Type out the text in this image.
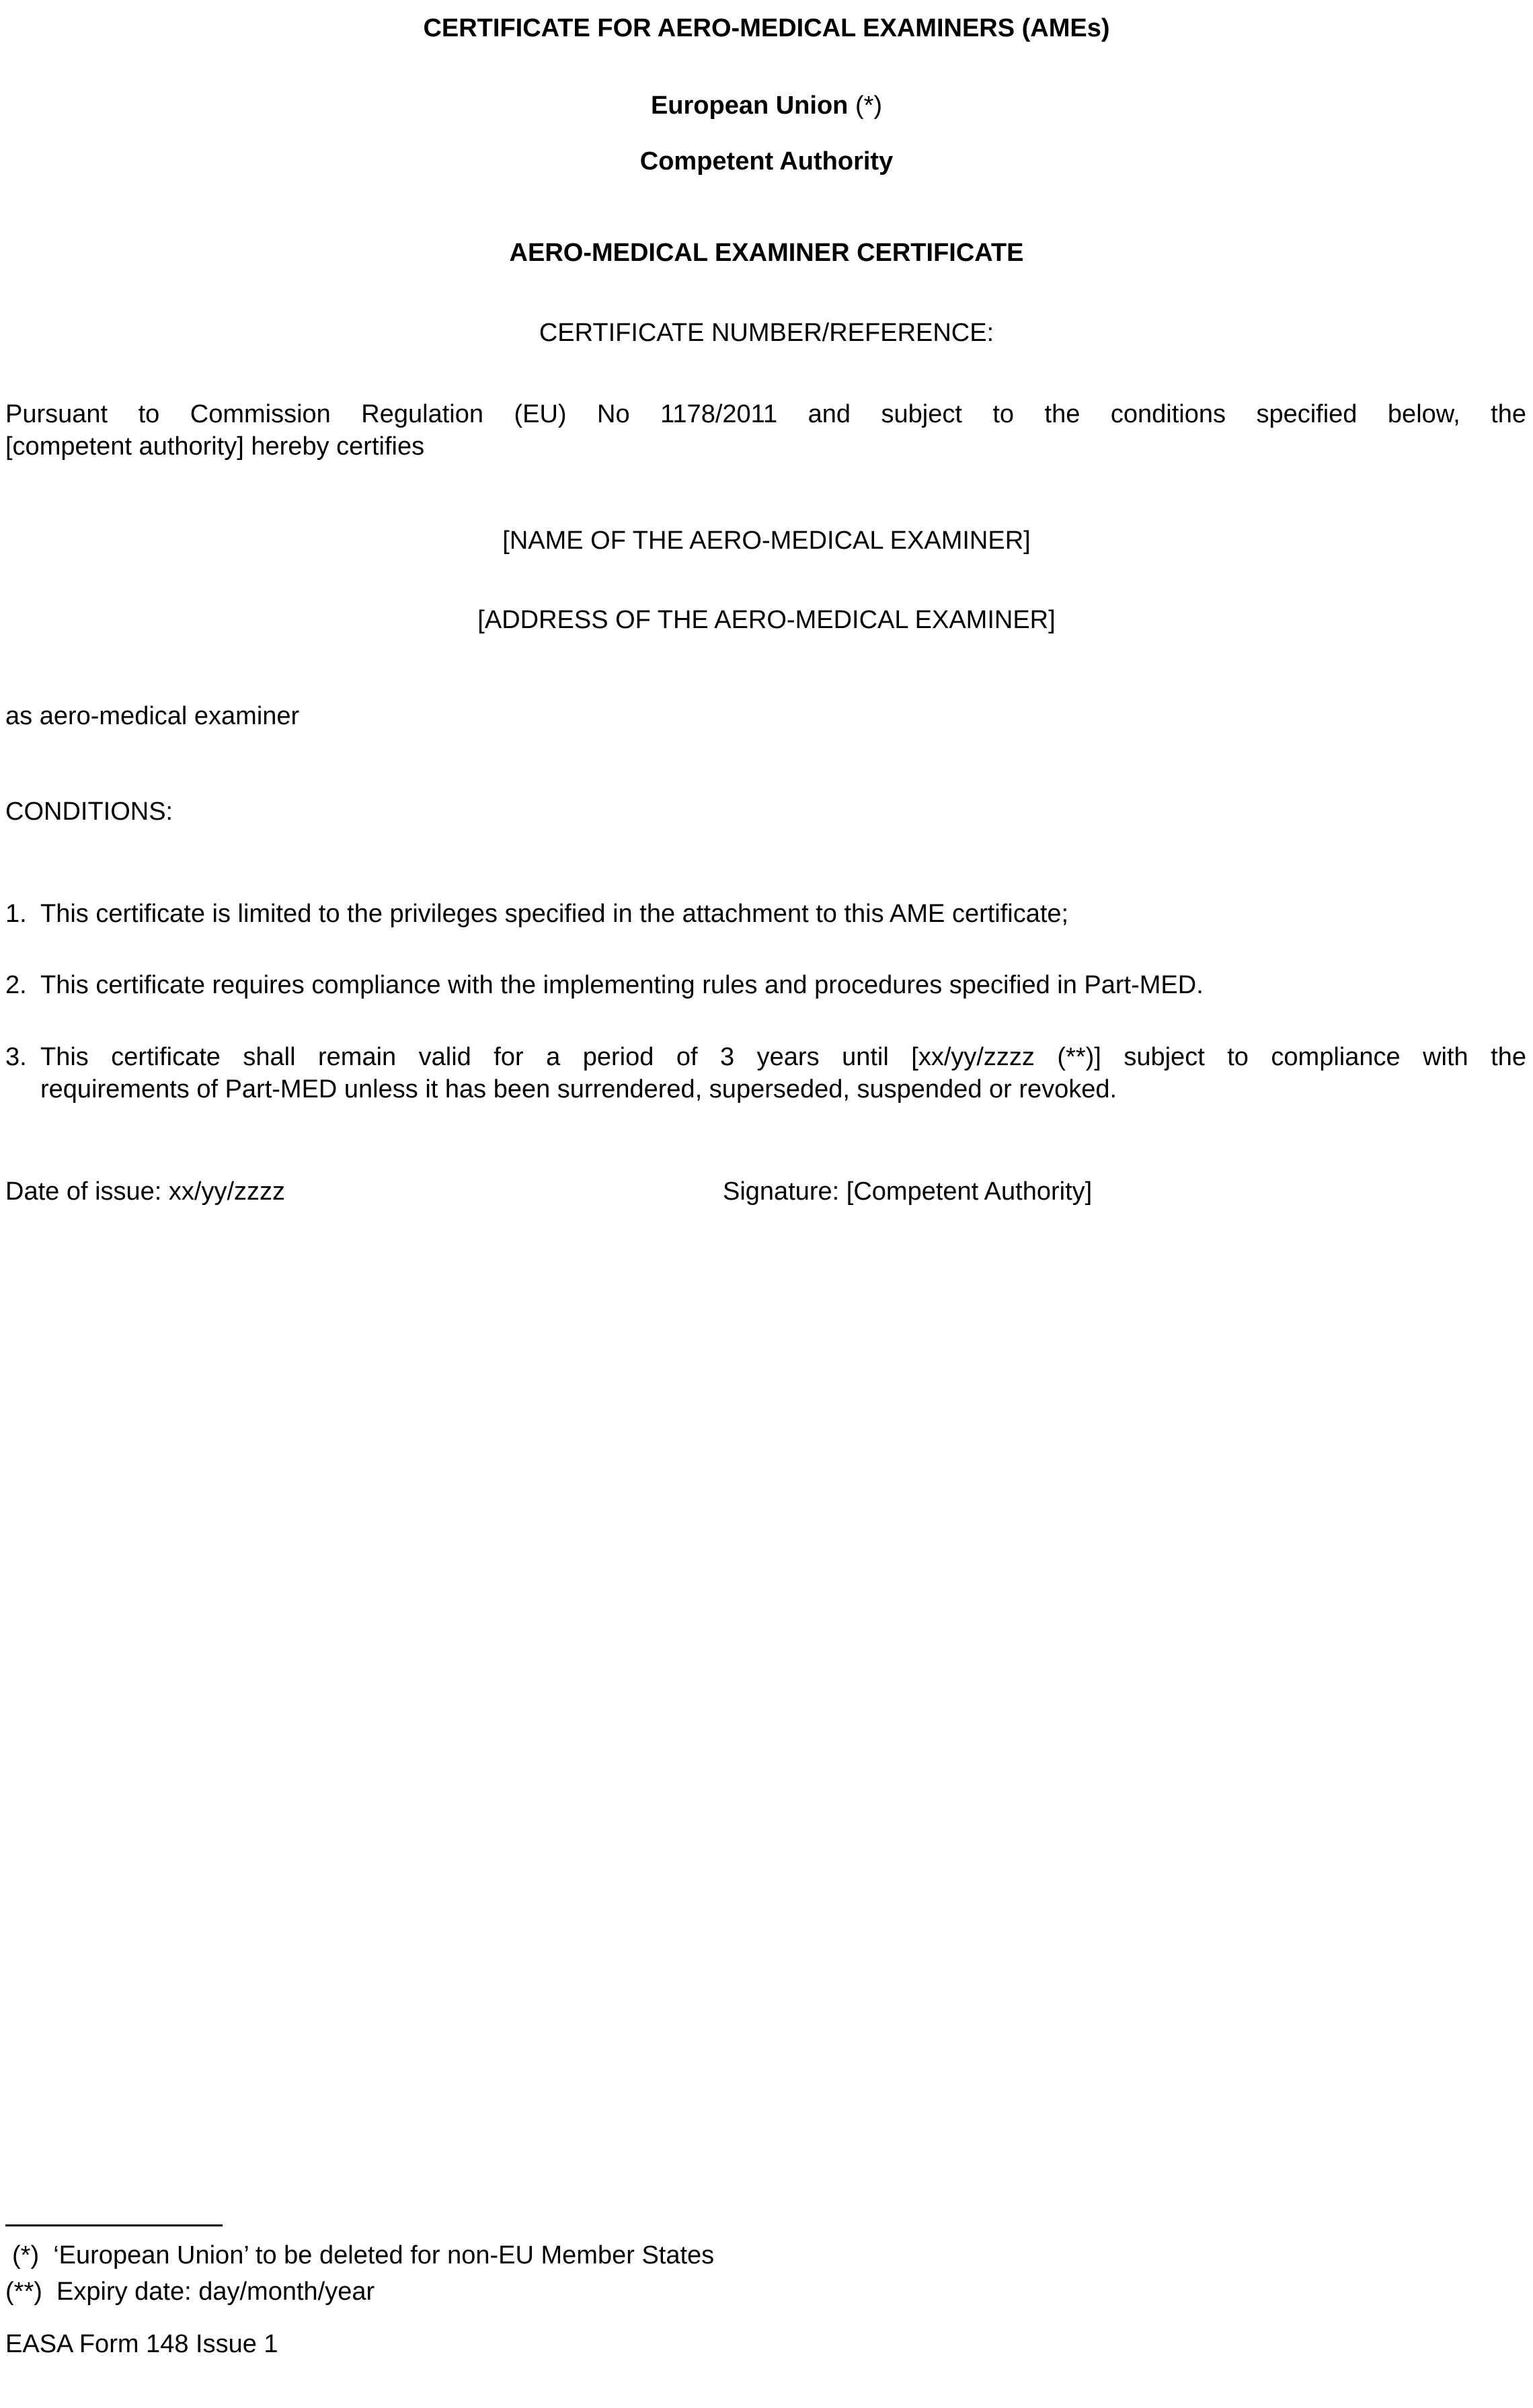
CERTIFICATE FOR AERO-MEDICAL EXAMINERS (AMEs)
European Union (*)
Competent Authority
AERO-MEDICAL EXAMINER CERTIFICATE
CERTIFICATE NUMBER/REFERENCE:
Pursuant to Commission Regulation (EU) No 1178/2011 and subject to the conditions specified below, the
[competent authority] hereby certifies
[NAME OF THE AERO-MEDICAL EXAMINER]
[ADDRESS OF THE AERO-MEDICAL EXAMINER]
as aero-medical examiner
CONDITIONS:
1. This certificate is limited to the privileges specified in the attachment to this AME certificate;
2. This certificate requires compliance with the implementing rules and procedures specified in Part-MED.
3. This certificate shall remain valid for a period of 3 years until [xx/yy/zzzz (**)] subject to compliance with the
requirements of Part-MED unless it has been surrendered, superseded, suspended or revoked.
Date of issue: xx/yy/zzzz	Signature: [Competent Authority]
(*) ‘European Union’ to be deleted for non-EU Member States
(**) Expiry date: day/month/year
EASA Form 148 Issue 1
